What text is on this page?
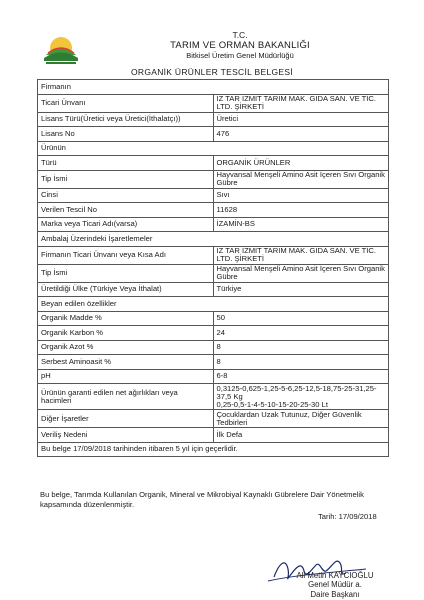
T.C.
TARIM VE ORMAN BAKANLIĞI
Bitkisel Üretim Genel Müdürlüğü
ORGANİK ÜRÜNLER TESCİL BELGESİ
Firmanın	
Ticari Ünvanı	İZ TAR İZMİT TARIM MAK. GIDA SAN. VE TİC. LTD. ŞİRKETİ
Lisans Türü(Üretici veya Üretici(İthalatçı))	Üretici
Lisans No	476
Ürünün	
Türü	ORGANİK ÜRÜNLER
Tip İsmi	Hayvansal Menşeli Amino Asit İçeren Sıvı Organik Gübre
Cinsi	Sıvı
Verilen Tescil No	11628
Marka veya Ticari Adı(varsa)	İZAMİN-BS
Ambalaj Üzerindeki İşaretlemeler	
Firmanın Ticari Ünvanı veya Kısa Adı	İZ TAR İZMİT TARIM MAK. GIDA SAN. VE TİC. LTD. ŞİRKETİ
Tip İsmi	Hayvansal Menşeli Amino Asit İçeren Sıvı Organik Gübre
Üretildiği Ülke (Türkiye Veya İthalat)	Türkiye
Beyan edilen özellikler	
Organik Madde %	50
Organik Karbon %	24
Organik Azot %	8
Serbest Aminoasit %	8
pH	6-8
Ürünün garanti edilen net ağırlıkları veya hacimleri	0,3125-0,625-1,25-5-6,25-12,5-18,75-25-31,25-37,5 Kg
0,25-0,5-1-4-5-10-15-20-25-30 Lt
Diğer İşaretler	Çocuklardan Uzak Tutunuz, Diğer Güvenlik Tedbirleri
Veriliş Nedeni	İlk Defa
Bu belge 17/09/2018 tarihinden itibaren 5 yıl için geçerlidir.	
Bu belge, Tarımda Kullanılan Organik, Mineral ve Mikrobiyal Kaynaklı Gübrelere Dair Yönetmelik kapsamında düzenlenmiştir.
Tarih: 17/09/2018
Ali Metin KAYCIOĞLU
Genel Müdür a.
Daire Başkanı
